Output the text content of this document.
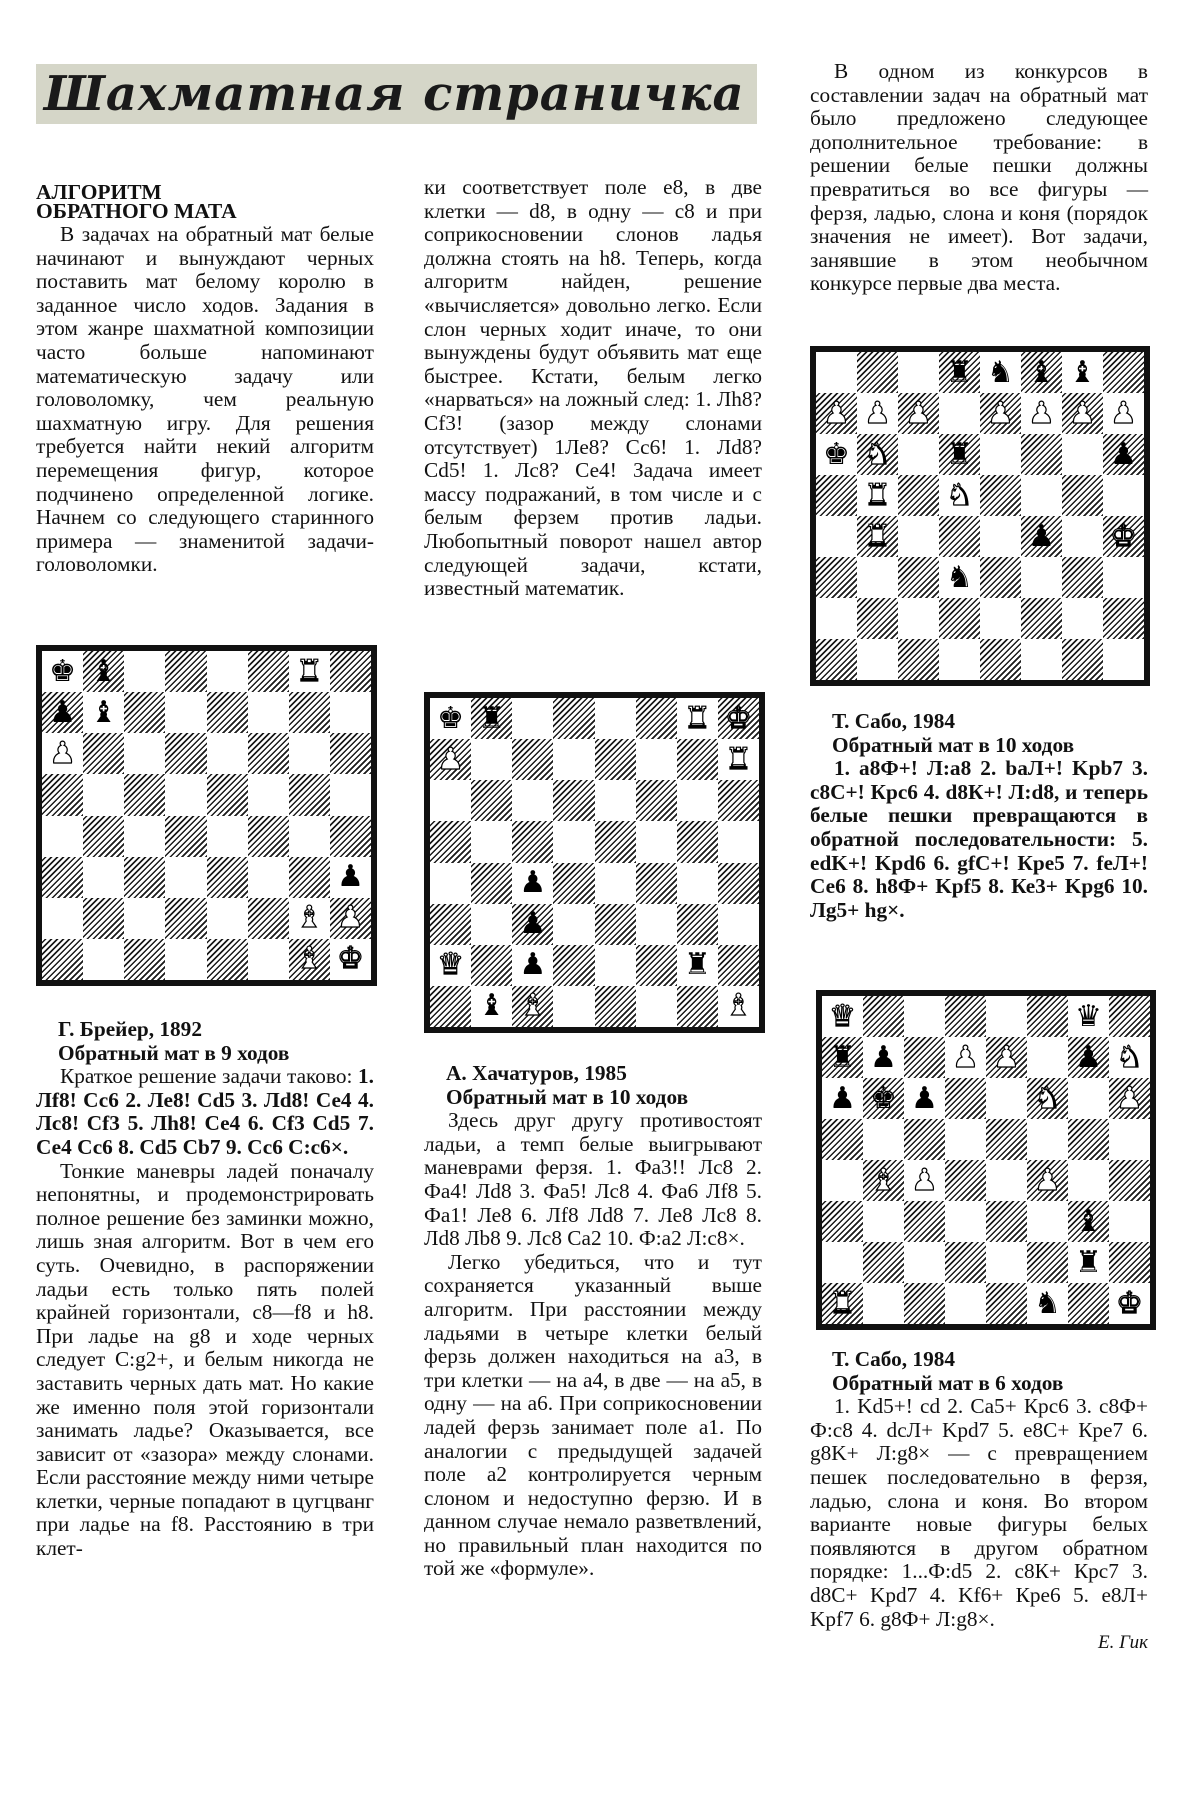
Шахматная страничка

АЛГОРИТМ

ОБРАТНОГО МАТА

В задачах на обратный мат белые начинают и вынуждают черных поставить мат белому королю в заданное число ходов. Задания в этом жанре шахматной композиции часто больше напоминают математическую задачу или головоломку, чем реальную шахматную игру. Для решения требуется найти некий алгоритм перемещения фигур, которое подчинено определенной логике. Начнем со следующего старинного примера — знаменитой задачи-головоломки.

♚ ♝	♜
♟ ♝
♟
♟
♝ ♟
♝ ♚

Г. Брейер, 1892

Обратный мат в 9 ходов

Краткое решение задачи таково: 1. Лf8! Сс6 2. Ле8! Cd5 3. Лd8! Се4 4. Лс8! Cf3 5. Лh8! Се4 6. Cf3 Cd5 7. Се4 Сс6 8. Cd5 Cb7 9. Сс6 С:с6×.

Тонкие маневры ладей поначалу непонятны, и продемонстрировать полное решение без заминки можно, лишь зная алгоритм. Вот в чем его суть. Очевидно, в распоряжении ладьи есть только пять полей крайней горизонтали, с8—f8 и h8. При ладье на g8 и ходе черных следует С:g2+, и белым никогда не заставить черных дать мат. Но какие же именно поля этой горизонтали занимать ладье? Оказывается, все зависит от «зазора» между слонами. Если расстояние между ними четыре клетки, черные попадают в цугцванг при ладье на f8. Расстоянию в три клет-

ки соответствует поле е8, в две клетки — d8, в одну — с8 и при соприкосновении слонов ладья должна стоять на h8. Теперь, когда алгоритм найден, решение «вычисляется» довольно легко. Если слон черных ходит иначе, то они вынуждены будут объявить мат еще быстрее. Кстати, белым легко «нарваться» на ложный след: 1. Лh8? Cf3! (зазор между слонами отсутствует) 1Ле8? Сс6! 1. Лd8? Cd5! 1. Лс8? Се4! Задача имеет массу подражаний, в том числе и с белым ферзем против ладьи. Любопытный поворот нашел автор следующей задачи, кстати, известный математик.

♚ ♜	♜ ♚
♟	♜
♟
♟
♛ ♟	♜
♝ ♝	♝

А. Хачатуров, 1985

Обратный мат в 10 ходов

Здесь друг другу противостоят ладьи, а темп белые выигрывают маневрами ферзя. 1. Фа3!! Лс8 2. Фа4! Лd8 3. Фа5! Лс8 4. Фа6 Лf8 5. Фа1! Ле8 6. Лf8 Лd8 7. Ле8 Лс8 8. Лd8 Лb8 9. Лс8 Са2 10. Ф:а2 Л:с8×.

Легко убедиться, что и тут сохраняется указанный выше алгоритм. При расстоянии между ладьями в четыре клетки белый ферзь должен находиться на а3, в три клетки — на а4, в две — на а5, в одну — на а6. При соприкосновении ладей ферзь занимает поле а1. По аналогии с предыдущей задачей поле а2 контролируется черным слоном и недоступно ферзю. И в данном случае немало разветвлений, но правильный план находится по той же «формуле».

В одном из конкурсов в составлении задач на обратный мат было предложено следующее дополнительное требование: в решении белые пешки должны превратиться во все фигуры — ферзя, ладью, слона и коня (порядок значения не имеет). Вот задачи, занявшие в этом необычном конкурсе первые два места.

♜ ♞ ♝ ♝
♟ ♟ ♟ ♟ ♟ ♟ ♟
♚ ♞ ♜	♟
♜ ♞
♜	♟ ♚
♞

Т. Сабо, 1984

Обратный мат в 10 ходов

1. а8Ф+! Л:а8 2. baЛ+! Kpb7 3. с8С+! Крс6 4. d8К+! Л:d8, и теперь белые пешки превращаются в обратной последовательности: 5. edK+! Kpd6 6. gfC+! Кре5 7. feЛ+! Се6 8. h8Ф+ Kpf5 8. Ке3+ Kpg6 10. Лg5+ hg×.

♛	♛
♜ ♟ ♟ ♟ ♟ ♞
♟ ♚ ♟	♞ ♟
♝ ♟	♟
♝
♜
♜	♞ ♚

Т. Сабо, 1984

Обратный мат в 6 ходов

1. Kd5+! cd 2. Са5+ Крс6 3. с8Ф+ Ф:с8 4. dcЛ+ Kpd7 5. е8С+ Кре7 6. g8K+ Л:g8× — с превращением пешек последовательно в ферзя, ладью, слона и коня. Во втором варианте новые фигуры белых появляются в другом обратном порядке: 1...Ф:d5 2. с8К+ Крс7 3. d8С+ Kpd7 4. Kf6+ Кре6 5. е8Л+ Kpf7 6. g8Ф+ Л:g8×.

Е. Гик
